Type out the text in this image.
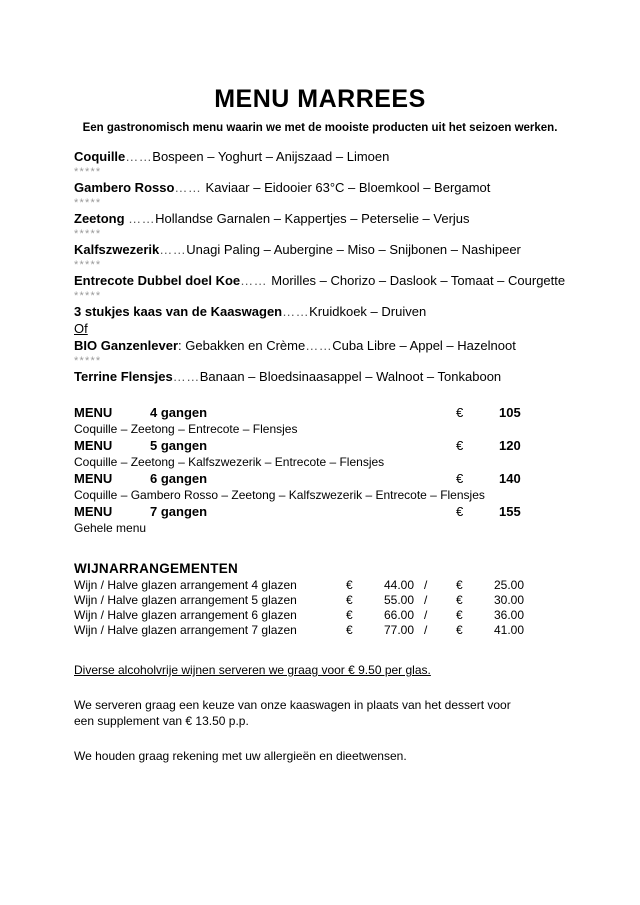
MENU MARREES

Een gastronomisch menu waarin we met de mooiste producten uit het seizoen werken.

Coquille……Bospeen – Yoghurt – Anijszaad – Limoen

*****

Gambero Rosso…… Kaviaar – Eidooier 63°C – Bloemkool – Bergamot

*****

Zeetong ……Hollandse Garnalen – Kappertjes – Peterselie – Verjus

*****

Kalfszwezerik……Unagi Paling – Aubergine – Miso – Snijbonen – Nashipeer

*****

Entrecote Dubbel doel Koe…… Morilles – Chorizo – Daslook – Tomaat – Courgette

*****

3 stukjes kaas van de Kaaswagen……Kruidkoek – Druiven

Of

BIO Ganzenlever: Gebakken en Crème……Cuba Libre – Appel – Hazelnoot

*****

Terrine Flensjes……Banaan – Bloedsinaasappel – Walnoot – Tonkaboon

MENU	4 gangen	€	105

Coquille – Zeetong – Entrecote – Flensjes

MENU	5 gangen	€	120

Coquille – Zeetong – Kalfszwezerik – Entrecote – Flensjes

MENU	6 gangen	€	140

Coquille – Gambero Rosso – Zeetong – Kalfszwezerik – Entrecote – Flensjes

MENU	7 gangen	€	155

Gehele menu

WIJNARRANGEMENTEN

Wijn / Halve glazen arrangement 4 glazen	€	44.00 / €	25.00
Wijn / Halve glazen arrangement 5 glazen	€	55.00 / €	30.00
Wijn / Halve glazen arrangement 6 glazen	€	66.00 / €	36.00
Wijn / Halve glazen arrangement 7 glazen	€	77.00 / €	41.00

Diverse alcoholvrije wijnen serveren we graag voor € 9.50 per glas.

We serveren graag een keuze van onze kaaswagen in plaats van het dessert voor
een supplement van € 13.50 p.p.

We houden graag rekening met uw allergieën en dieetwensen.
